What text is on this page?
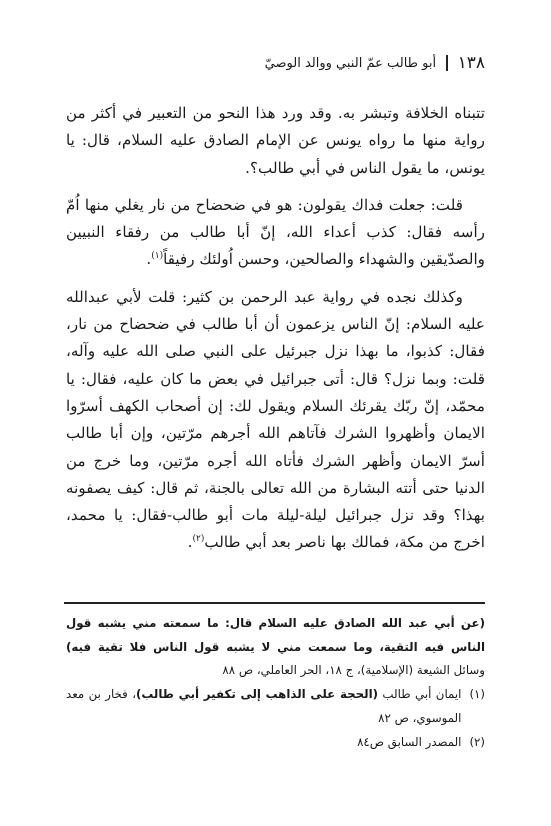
١٣٨
أبو طالب عمّ النبي ووالد الوصيّ

تتبناه الخلافة وتبشر به. وقد ورد هذا النحو من التعبير في أكثر من رواية منها ما رواه يونس عن الإمام الصادق عليه السلام، قال: يا يونس، ما يقول الناس في أبي طالب؟.

قلت: جعلت فداك يقولون: هو في ضحضاح من نار يغلي منها اُمّ رأسه فقال: كذب أعداء الله، إنّ أبا طالب من رفقاء النبيين والصدّيقين والشهداء والصالحين، وحسن اُولئك رفيقاً$^{(١)}$.

وكذلك نجده في رواية عبد الرحمن بن كثير: قلت لأبي عبدالله عليه السلام: إنّ الناس يزعمون أن أبا طالب في ضحضاح من نار، فقال: كذبوا، ما بهذا نزل جبرئيل على النبي صلى الله عليه وآله، قلت: وبما نزل؟ قال: أتى جبرائيل في بعض ما كان عليه، فقال: يا محمّد، إنّ ربّك يقرئك السلام ويقول لك: إن أصحاب الكهف أسرّوا الايمان وأظهروا الشرك فآتاهم الله أجرهم مرّتين، وإن أبا طالب أسرّ الايمان وأظهر الشرك فأتاه الله أجره مرّتين، وما خرج من الدنيا حتى أتته البشارة من الله تعالى بالجنة، ثم قال: كيف يصفونه بهذا؟ وقد نزل جبرائيل ليلة-ليلة مات أبو طالب-فقال: يا محمد، اخرج من مكة، فمالك بها ناصر بعد أبي طالب$^{(٢)}$.

(عن أبي عبد الله الصادق عليه السلام قال: ما سمعته مني يشبه قول الناس فيه التقية، وما سمعت مني لا يشبه قول الناس فلا تقية فيه) وسائل الشيعة (الإسلامية)، ج ١٨، الحر العاملي، ص ٨٨

(١)
ايمان أبي طالب (الحجة على الذاهب إلى تكفير أبي طالب)، فخار بن معد الموسوي، ص ٨٢
(٢)
المصدر السابق ص٨٤
